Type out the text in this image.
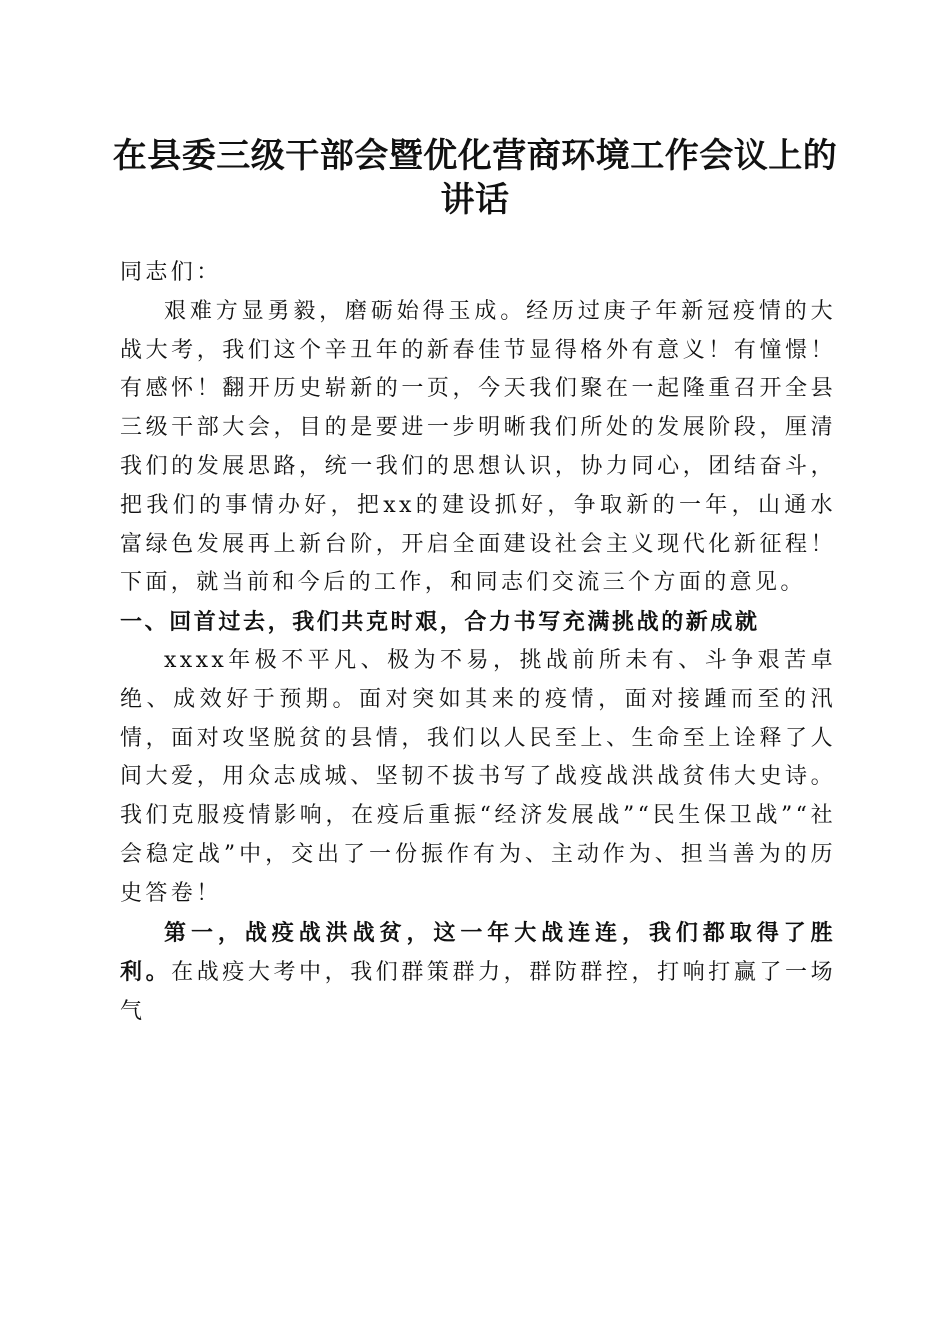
在县委三级干部会暨优化营商环境工作会议上的讲话

同志们：

艰难方显勇毅，磨砺始得玉成。经历过庚子年新冠疫情的大战大考，我们这个辛丑年的新春佳节显得格外有意义！有憧憬！有感怀！翻开历史崭新的一页，今天我们聚在一起隆重召开全县三级干部大会，目的是要进一步明晰我们所处的发展阶段，厘清我们的发展思路，统一我们的思想认识，协力同心，团结奋斗，把我们的事情办好，把xx的建设抓好，争取新的一年，山通水富绿色发展再上新台阶，开启全面建设社会主义现代化新征程！下面，就当前和今后的工作，和同志们交流三个方面的意见。

一、回首过去，我们共克时艰，合力书写充满挑战的新成就

xxxx年极不平凡、极为不易，挑战前所未有、斗争艰苦卓绝、成效好于预期。面对突如其来的疫情，面对接踵而至的汛情，面对攻坚脱贫的县情，我们以人民至上、生命至上诠释了人间大爱，用众志成城、坚韧不拔书写了战疫战洪战贫伟大史诗。我们克服疫情影响，在疫后重振“经济发展战”“民生保卫战”“社会稳定战”中，交出了一份振作有为、主动作为、担当善为的历史答卷！

第一，战疫战洪战贫，这一年大战连连，我们都取得了胜利。在战疫大考中，我们群策群力，群防群控，打响打赢了一场气
